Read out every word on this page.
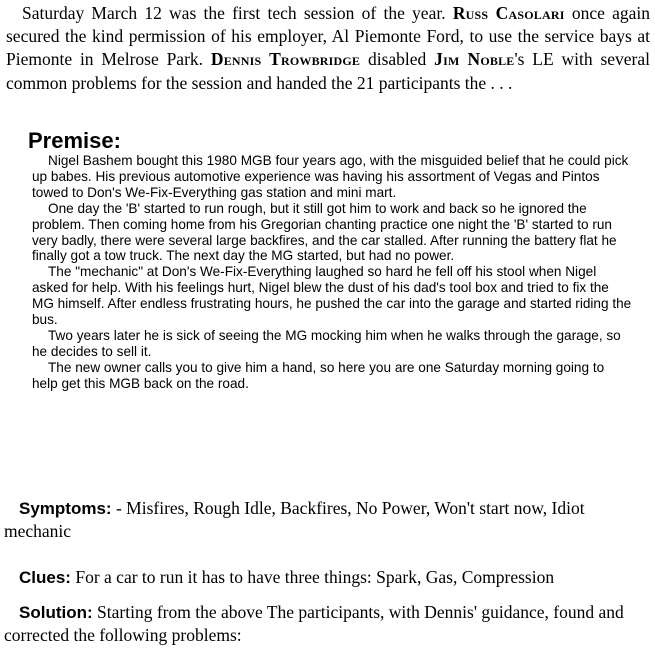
Saturday March 12 was the first tech session of the year. Russ Casolari once again secured the kind permission of his employer, Al Piemonte Ford, to use the service bays at Piemonte in Melrose Park. Dennis Trowbridge disabled Jim Noble's LE with several common problems for the session and handed the 21 participants the . . .
Premise:

Nigel Bashem bought this 1980 MGB four years ago, with the misguided belief that he could pick up babes. His previous automotive experience was having his assortment of Vegas and Pintos towed to Don's We-Fix-Everything gas station and mini mart.

One day the 'B' started to run rough, but it still got him to work and back so he ignored the problem. Then coming home from his Gregorian chanting practice one night the 'B' started to run very badly, there were several large backfires, and the car stalled. After running the battery flat he finally got a tow truck. The next day the MG started, but had no power.

The "mechanic" at Don's We-Fix-Everything laughed so hard he fell off his stool when Nigel asked for help. With his feelings hurt, Nigel blew the dust of his dad's tool box and tried to fix the MG himself. After endless frustrating hours, he pushed the car into the garage and started riding the bus.

Two years later he is sick of seeing the MG mocking him when he walks through the garage, so he decides to sell it.

The new owner calls you to give him a hand, so here you are one Saturday morning going to help get this MGB back on the road.

Symptoms: - Misfires, Rough Idle, Backfires, No Power, Won't start now, Idiot mechanic
Clues: For a car to run it has to have three things: Spark, Gas, Compression
Solution: Starting from the above The participants, with Dennis' guidance, found and corrected the following problems:
